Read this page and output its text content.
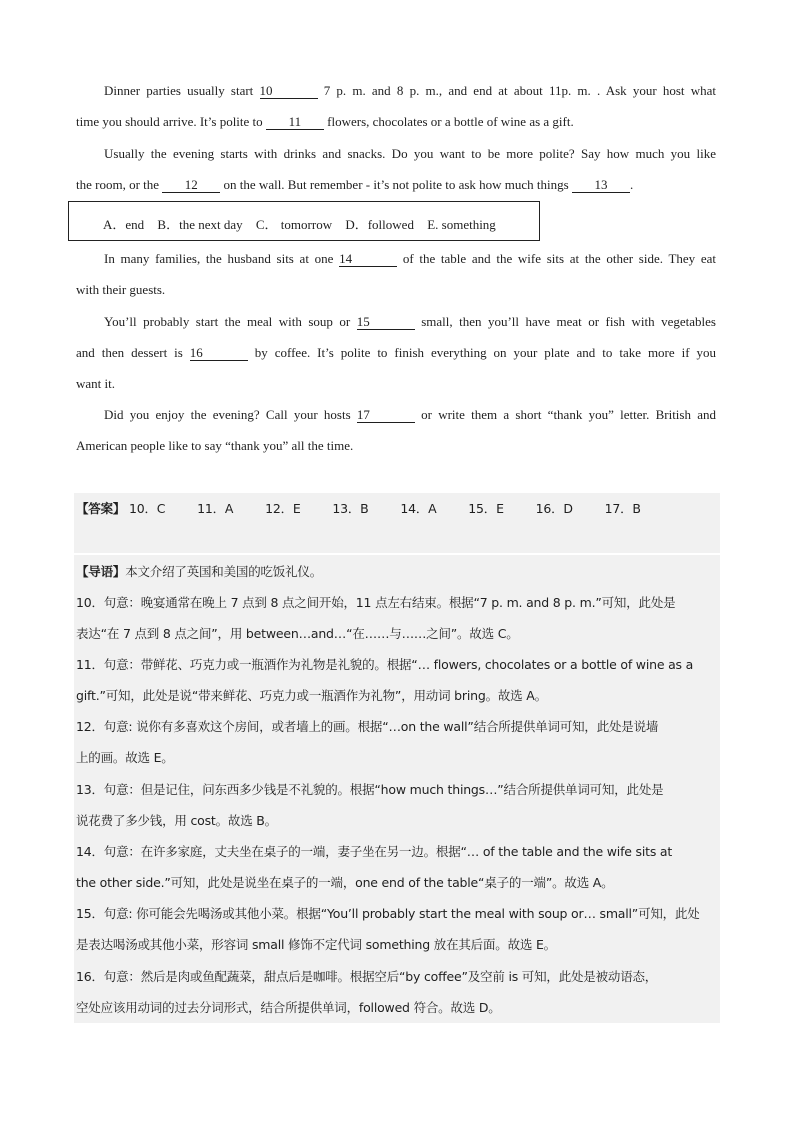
Dinner parties usually start 10	7 p. m. and 8 p. m., and end at about 11p. m. . Ask your host what
time you should arrive. It’s polite to 11 flowers, chocolates or a bottle of wine as a gift.
Usually the evening starts with drinks and snacks. Do you want to be more polite? Say how much you like
the room, or the 12 on the wall. But remember - it’s not polite to ask how much things 13 .
A．end B．the next day C． tomorrow D．followed E. something
In many families, the husband sits at one 14	of the table and the wife sits at the other side. They eat
with their guests.
You’ll probably start the meal with soup or 15	small, then you’ll have meat or fish with vegetables
and then dessert is 16	by coffee. It’s polite to finish everything on your plate and to take more if you
want it.
Did you enjoy the evening? Call your hosts 17	or write them a short “thank you” letter. British and
American people like to say “thank you” all the time.
【答案】 10．C	11．A	12．E	13．B	14．A	15．E	16．D	17．B
【导语】本文介绍了英国和美国的吃饭礼仪。
10．句意：晚宴通常在晚上 7 点到 8 点之间开始，11 点左右结束。根据“7 p. m. and 8 p. m.”可知，此处是
表达“在 7 点到 8 点之间”，用 between…and…“在……与……之间”。故选 C。
11．句意：带鲜花、巧克力或一瓶酒作为礼物是礼貌的。根据“… flowers, chocolates or a bottle of wine as a
gift.”可知，此处是说“带来鲜花、巧克力或一瓶酒作为礼物”，用动词 bring。故选 A。
12．句意: 说你有多喜欢这个房间，或者墙上的画。根据“…on the wall”结合所提供单词可知，此处是说墙
上的画。故选 E。
13．句意：但是记住，问东西多少钱是不礼貌的。根据“how much things…”结合所提供单词可知，此处是
说花费了多少钱，用 cost。故选 B。
14．句意：在许多家庭，丈夫坐在桌子的一端，妻子坐在另一边。根据“… of the table and the wife sits at
the other side.”可知，此处是说坐在桌子的一端，one end of the table“桌子的一端”。故选 A。
15．句意: 你可能会先喝汤或其他小菜。根据“You’ll probably start the meal with soup or… small”可知，此处
是表达喝汤或其他小菜，形容词 small 修饰不定代词 something 放在其后面。故选 E。
16．句意：然后是肉或鱼配蔬菜，甜点后是咖啡。根据空后“by coffee”及空前 is 可知，此处是被动语态，
空处应该用动词的过去分词形式，结合所提供单词，followed 符合。故选 D。
